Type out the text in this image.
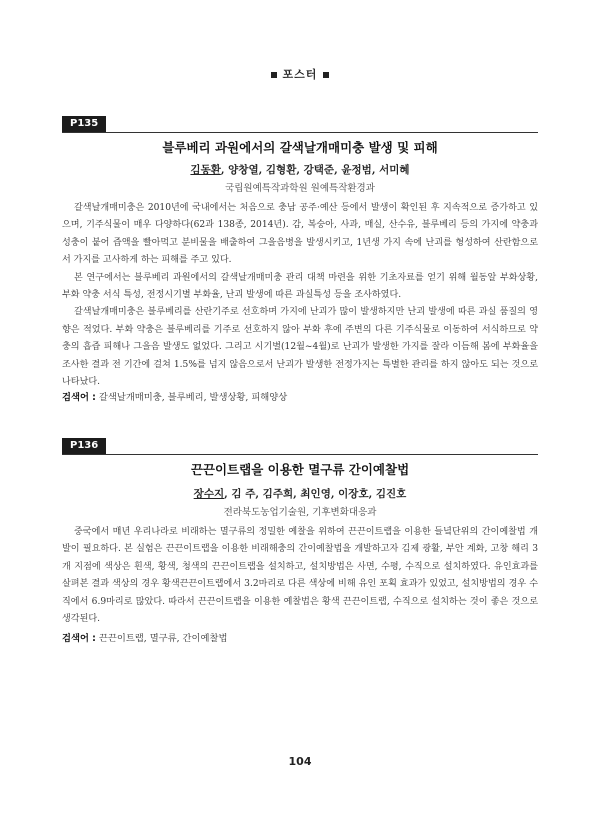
포스터
P135
블루베리 과원에서의 갈색날개매미충 발생 및 피해
김동환, 양창열, 김형환, 강택준, 윤정범, 서미혜
국립원예특작과학원 원예특작환경과

갈색날개매미충은 2010년에 국내에서는 처음으로 충남 공주·예산 등에서 발생이 확인된 후 지속적으로 증가하고 있으며, 기주식물이 매우 다양하다(62과 138종, 2014년). 감, 복숭아, 사과, 매실, 산수유, 블루베리 등의 가지에 약충과 성충이 붙어 즙액을 빨아먹고 분비물을 배출하여 그을음병을 발생시키고, 1년생 가지 속에 난괴를 형성하여 산란함으로서 가지를 고사하게 하는 피해를 주고 있다.

본 연구에서는 블루베리 과원에서의 갈색날개매미충 관리 대책 마련을 위한 기초자료를 얻기 위해 월동알 부화상황, 부화 약충 서식 특성, 전정시기별 부화율, 난괴 발생에 따른 과실특성 등을 조사하였다.

갈색날개매미충은 블루베리를 산란기주로 선호하며 가지에 난괴가 많이 발생하지만 난괴 발생에 따른 과실 품질의 영향은 적었다. 부화 약충은 블루베리를 기주로 선호하지 않아 부화 후에 주변의 다른 기주식물로 이동하여 서식하므로 약충의 흡즙 피해나 그을음 발생도 없었다. 그리고 시기별(12월~4월)로 난괴가 발생한 가지를 잘라 이듬해 봄에 부화율을 조사한 결과 전 기간에 걸쳐 1.5%를 넘지 않음으로서 난괴가 발생한 전정가지는 특별한 관리를 하지 않아도 되는 것으로 나타났다.

검색어 : 갈색날개매미충, 블루베리, 발생상황, 피해양상
P136
끈끈이트랩을 이용한 멸구류 간이예찰법
장수지, 김 주, 김주희, 최인영, 이장호, 김진호
전라북도농업기술원, 기후변화대응과

중국에서 매년 우리나라로 비래하는 멸구류의 정밀한 예찰을 위하여 끈끈이트랩을 이용한 들녘단위의 간이예찰법 개발이 필요하다. 본 실험은 끈끈이트랩을 이용한 비래해충의 간이예찰법을 개발하고자 김제 광활, 부안 계화, 고창 해리 3개 지점에 색상은 흰색, 황색, 청색의 끈끈이트랩을 설치하고, 설치방법은 사면, 수평, 수직으로 설치하였다. 유인효과를 살펴본 결과 색상의 경우 황색끈끈이트랩에서 3.2마리로 다른 색상에 비해 유인 포획 효과가 있었고, 설치방법의 경우 수직에서 6.9마리로 많았다. 따라서 끈끈이트랩을 이용한 예찰법은 황색 끈끈이트랩, 수직으로 설치하는 것이 좋은 것으로 생각된다.

검색어 : 끈끈이트랩, 멸구류, 간이예찰법
104
